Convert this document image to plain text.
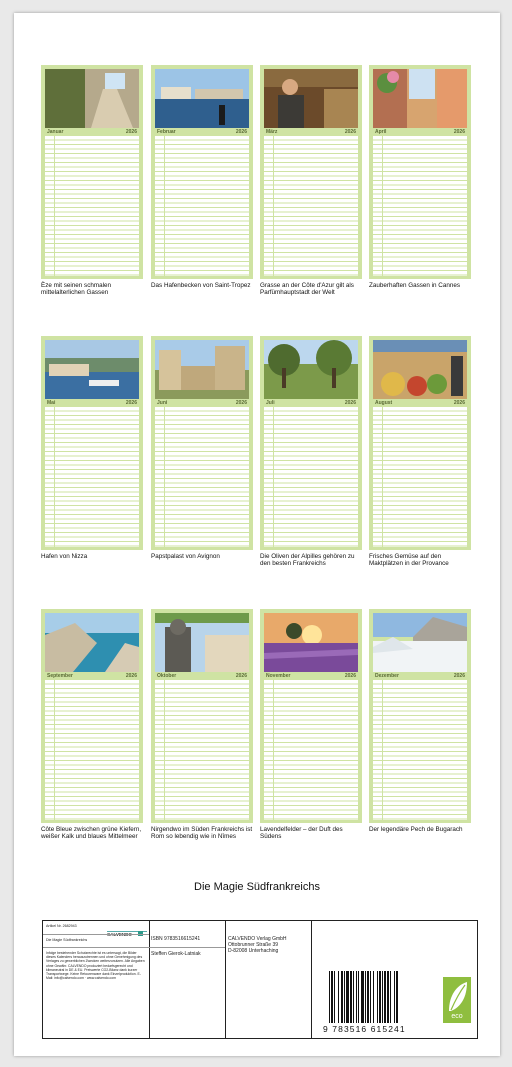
Januar	2026
Èze mit seinen schmalen mittelalterlichen Gassen
Februar	2026
Das Hafenbecken von Saint-Tropez
März	2026
Grasse an der Côte d'Azur gilt als Parfümhauptstadt der Welt
April	2026
Zauberhaften Gassen in Cannes
Mai	2026
Hafen von Nizza
Juni	2026
Papstpalast von Avignon
Juli	2026
Die Oliven der Alpilles gehören zu den besten Frankreichs
August	2026
Frisches Gemüse auf den Maktplätzen in der Provance
September	2026
Côte Bleue zwischen grüne Kiefern, weißer Kalk und blaues Mittelmeer
Oktober	2026
Nirgendwo im Süden Frankreichs ist Rom so lebendig wie in Nîmes
November	2026
Lavendelfelder – der Duft des Südens
Dezember	2026
Der legendäre Pech de Bugarach
Die Magie Südfrankreichs
Artikel Nr. 2682943
CALVENDO
Die Magie Südfrankreichs
Infolge bestehender Schutzrechte ist es untersagt, die Bilder dieses Kalenders herauszutrennen und ohne Genehmigung des Verlages zu gewerblichen Zwecken weiterzunutzen. Alle Angaben ohne Gewähr. CALVENDO produziert bedarfsgerecht und klimaneutral in DE & EU. Preiswerte CO2-Bilanz dank kurzer Transportwege. Keine Retourenware dank Einzelproduktion. E-Mail: info@calvendo.com · www.calvendo.com
ISBN 9783516615241
Steffen Gierok-Latniak
CALVENDO Verlag GmbH
Ottobrunner Straße 39
D-82008 Unterhaching
9 783516 615241
eco
